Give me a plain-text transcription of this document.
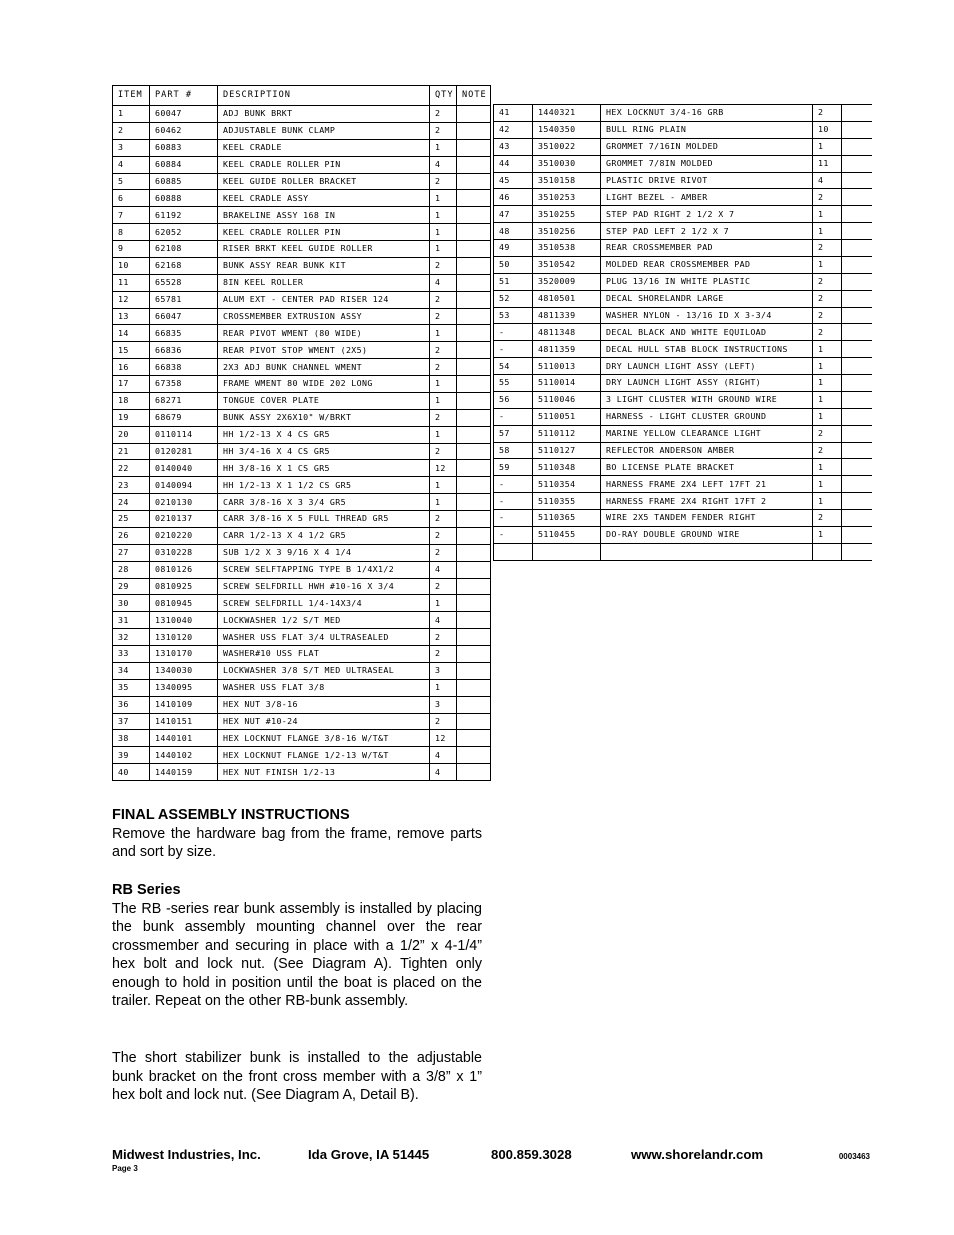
ITEM	PART #	DESCRIPTION	QTY	NOTE
1	60047	ADJ BUNK BRKT	2	
2	60462	ADJUSTABLE BUNK CLAMP	2	
3	60883	KEEL CRADLE	1	
4	60884	KEEL CRADLE ROLLER PIN	4	
5	60885	KEEL GUIDE ROLLER BRACKET	2	
6	60888	KEEL CRADLE ASSY	1	
7	61192	BRAKELINE ASSY 168 IN	1	
8	62052	KEEL CRADLE ROLLER PIN	1	
9	62108	RISER BRKT KEEL GUIDE ROLLER	1	
10	62168	BUNK ASSY REAR BUNK KIT	2	
11	65528	8IN KEEL ROLLER	4	
12	65781	ALUM EXT - CENTER PAD RISER 124	2	
13	66047	CROSSMEMBER EXTRUSION ASSY	2	
14	66835	REAR PIVOT WMENT (80 WIDE)	1	
15	66836	REAR PIVOT STOP WMENT (2X5)	2	
16	66838	2X3 ADJ BUNK CHANNEL WMENT	2	
17	67358	FRAME WMENT 80 WIDE 202 LONG	1	
18	68271	TONGUE COVER PLATE	1	
19	68679	BUNK ASSY 2X6X10" W/BRKT	2	
20	0110114	HH 1/2-13 X 4 CS GR5	1	
21	0120281	HH 3/4-16 X 4 CS GR5	2	
22	0140040	HH 3/8-16 X 1 CS GR5	12	
23	0140094	HH 1/2-13 X 1 1/2 CS GR5	1	
24	0210130	CARR 3/8-16 X 3 3/4 GR5	1	
25	0210137	CARR 3/8-16 X 5 FULL THREAD GR5	2	
26	0210220	CARR 1/2-13 X 4 1/2 GR5	2	
27	0310228	SUB 1/2 X 3 9/16 X 4 1/4	2	
28	0810126	SCREW SELFTAPPING TYPE B 1/4X1/2	4	
29	0810925	SCREW SELFDRILL HWH #10-16 X 3/4	2	
30	0810945	SCREW SELFDRILL 1/4-14X3/4	1	
31	1310040	LOCKWASHER 1/2 S/T MED	4	
32	1310120	WASHER USS FLAT 3/4 ULTRASEALED	2	
33	1310170	WASHER#10 USS FLAT	2	
34	1340030	LOCKWASHER 3/8 S/T MED ULTRASEAL	3	
35	1340095	WASHER USS FLAT 3/8	1	
36	1410109	HEX NUT 3/8-16	3	
37	1410151	HEX NUT #10-24	2	
38	1440101	HEX LOCKNUT FLANGE 3/8-16 W/T&T	12	
39	1440102	HEX LOCKNUT FLANGE 1/2-13 W/T&T	4	
40	1440159	HEX NUT FINISH 1/2-13	4	
41	1440321	HEX LOCKNUT 3/4-16 GRB	2	
42	1540350	BULL RING PLAIN	10	
43	3510022	GROMMET 7/16IN MOLDED	1	
44	3510030	GROMMET 7/8IN MOLDED	11	
45	3510158	PLASTIC DRIVE RIVOT	4	
46	3510253	LIGHT BEZEL - AMBER	2	
47	3510255	STEP PAD RIGHT 2 1/2 X 7	1	
48	3510256	STEP PAD LEFT 2 1/2 X 7	1	
49	3510538	REAR CROSSMEMBER PAD	2	
50	3510542	MOLDED REAR CROSSMEMBER PAD	1	
51	3520009	PLUG 13/16 IN WHITE PLASTIC	2	
52	4810501	DECAL SHORELANDR LARGE	2	
53	4811339	WASHER NYLON - 13/16 ID X 3-3/4	2	
-	4811348	DECAL BLACK AND WHITE EQUILOAD	2	
-	4811359	DECAL HULL STAB BLOCK INSTRUCTIONS	1	
54	5110013	DRY LAUNCH LIGHT ASSY (LEFT)	1	
55	5110014	DRY LAUNCH LIGHT ASSY (RIGHT)	1	
56	5110046	3 LIGHT CLUSTER WITH GROUND WIRE	1	
-	5110051	HARNESS - LIGHT CLUSTER GROUND	1	
57	5110112	MARINE YELLOW CLEARANCE LIGHT	2	
58	5110127	REFLECTOR ANDERSON AMBER	2	
59	5110348	BO LICENSE PLATE BRACKET	1	
-	5110354	HARNESS FRAME 2X4 LEFT 17FT 21	1	
-	5110355	HARNESS FRAME 2X4 RIGHT 17FT 2	1	
-	5110365	WIRE 2X5 TANDEM FENDER RIGHT	2	
-	5110455	DO-RAY DOUBLE GROUND WIRE	1	

FINAL ASSEMBLY INSTRUCTIONS

Remove the hardware bag from the frame, remove parts and sort by size.

RB Series

The RB -series rear bunk assembly is installed by placing the bunk assembly mounting channel over the rear crossmember and securing in place with a 1/2” x 4-1/4” hex bolt and lock nut. (See Diagram A). Tighten only enough to hold in position until the boat is placed on the trailer. Repeat on the other RB-bunk assembly.

The short stabilizer bunk is installed to the adjustable bunk bracket on the front cross member with a 3/8” x 1” hex bolt and lock nut. (See Diagram A, Detail B).

Midwest Industries, Inc.	Ida Grove, IA 51445	800.859.3028	www.shorelandr.com	0003463
Page 3
